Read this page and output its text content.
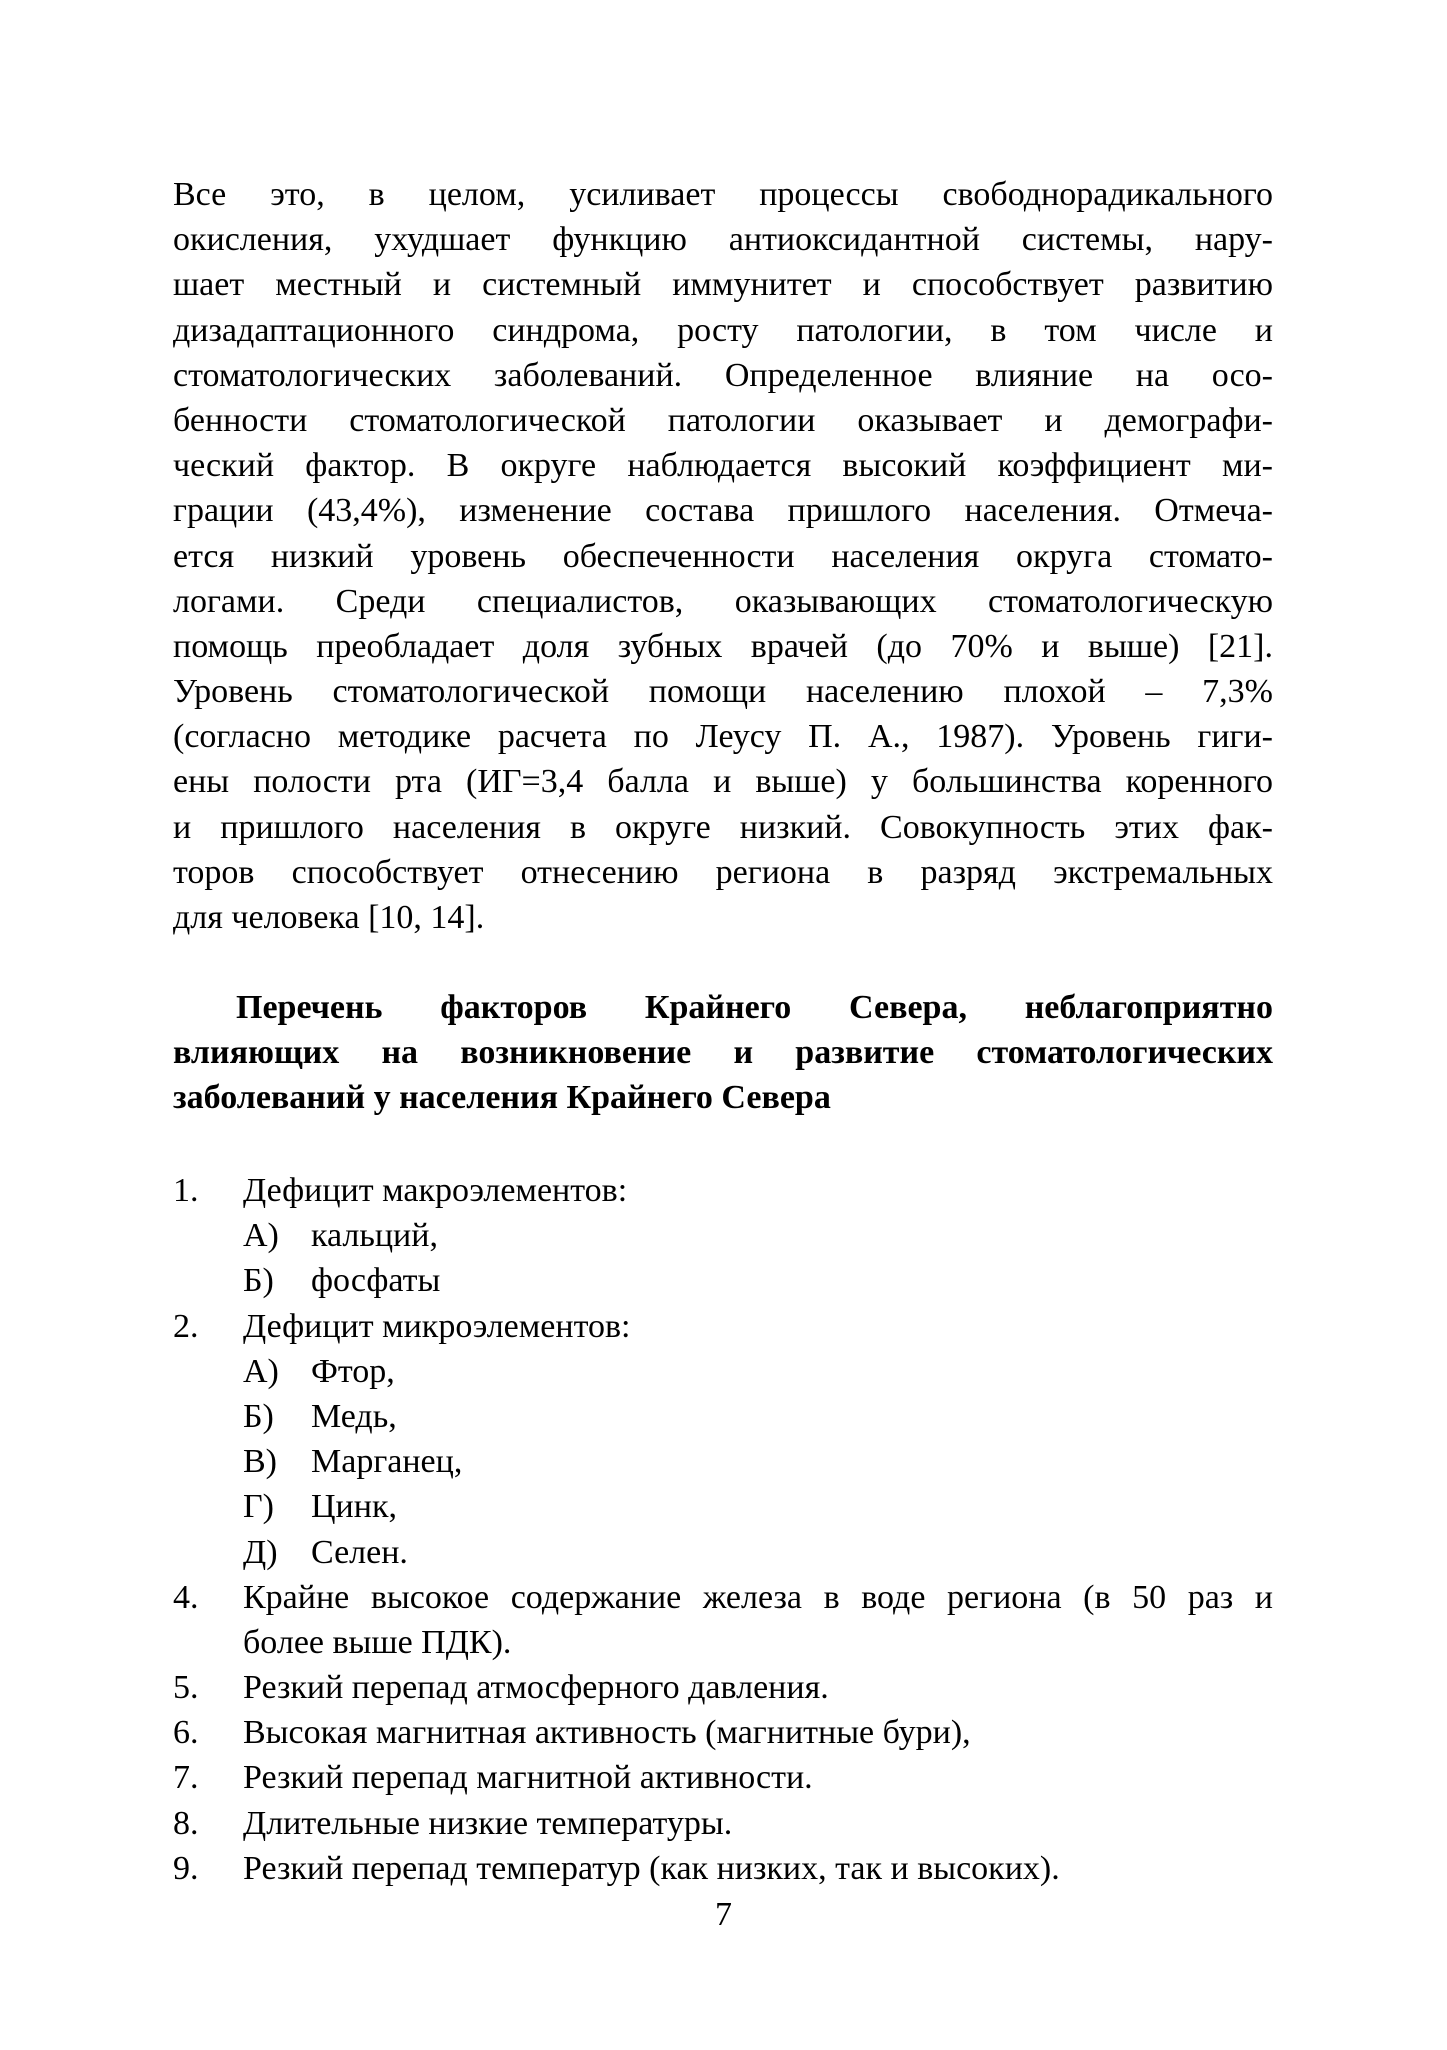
Все это, в целом, усиливает процессы свободнорадикального
окисления, ухудшает функцию антиоксидантной системы, нару-
шает местный и системный иммунитет и способствует развитию
дизадаптационного синдрома, росту патологии, в том числе и
стоматологических заболеваний. Определенное влияние на осо-
бенности стоматологической патологии оказывает и демографи-
ческий фактор. В округе наблюдается высокий коэффициент ми-
грации (43,4%), изменение состава пришлого населения. Отмеча-
ется низкий уровень обеспеченности населения округа стомато-
логами. Среди специалистов, оказывающих стоматологическую
помощь преобладает доля зубных врачей (до 70% и выше) [21].
Уровень стоматологической помощи населению плохой – 7,3%
(согласно методике расчета по Леусу П. А., 1987). Уровень гиги-
ены полости рта (ИГ=3,4 балла и выше) у большинства коренного
и пришлого населения в округе низкий. Совокупность этих фак-
торов способствует отнесению региона в разряд экстремальных
для человека [10, 14].
Перечень факторов Крайнего Севера, неблагоприятно
влияющих на возникновение и развитие стоматологических
заболеваний у населения Крайнего Севера
1. Дефицит макроэлементов:
А) кальций,
Б) фосфаты
2. Дефицит микроэлементов:
А) Фтор,
Б) Медь,
В) Марганец,
Г) Цинк,
Д) Селен.
4. Крайне высокое содержание железа в воде региона (в 50 раз и
более выше ПДК).
5. Резкий перепад атмосферного давления.
6. Высокая магнитная активность (магнитные бури),
7. Резкий перепад магнитной активности.
8. Длительные низкие температуры.
9. Резкий перепад температур (как низких, так и высоких).
7
